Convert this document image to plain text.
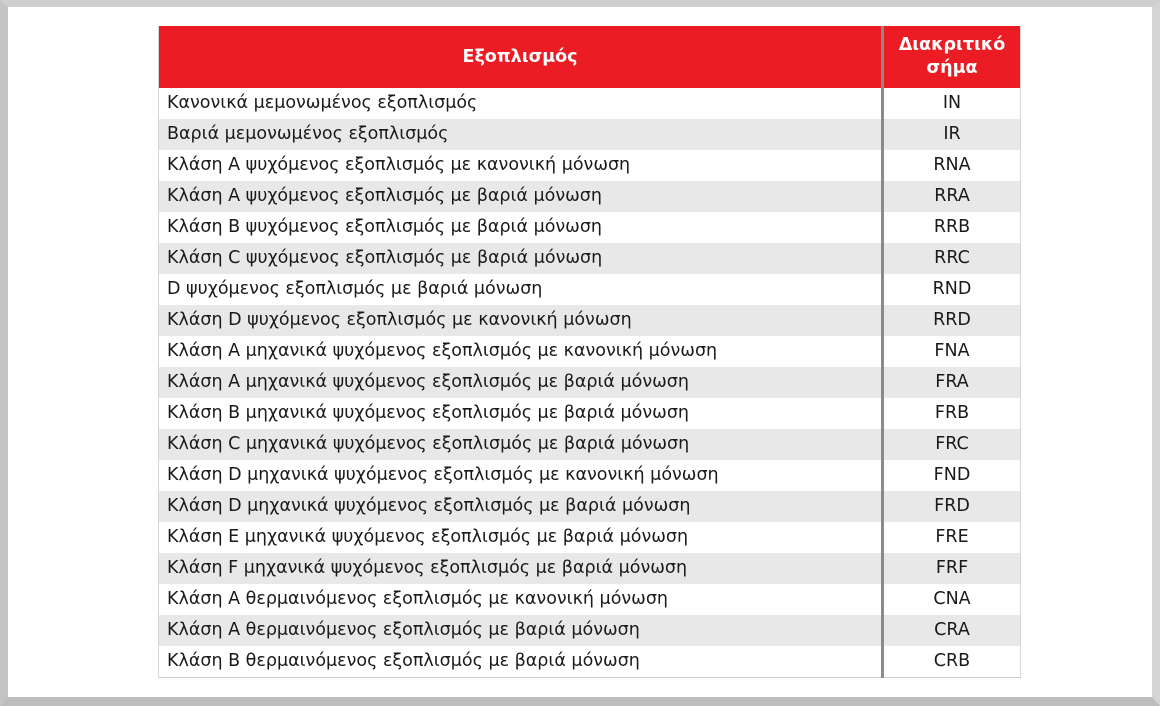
Εξοπλισμός	Διακριτικό
σήμα
Κανονικά μεμονωμένος εξοπλισμός	IN
Βαριά μεμονωμένος εξοπλισμός	IR
Κλάση A ψυχόμενος εξοπλισμός με κανονική μόνωση	RNA
Κλάση A ψυχόμενος εξοπλισμός με βαριά μόνωση	RRA
Κλάση B ψυχόμενος εξοπλισμός με βαριά μόνωση	RRB
Κλάση C ψυχόμενος εξοπλισμός με βαριά μόνωση	RRC
D ψυχόμενος εξοπλισμός με βαριά μόνωση	RND
Κλάση D ψυχόμενος εξοπλισμός με κανονική μόνωση	RRD
Κλάση A μηχανικά ψυχόμενος εξοπλισμός με κανονική μόνωση	FNA
Κλάση A μηχανικά ψυχόμενος εξοπλισμός με βαριά μόνωση	FRA
Κλάση B μηχανικά ψυχόμενος εξοπλισμός με βαριά μόνωση	FRB
Κλάση C μηχανικά ψυχόμενος εξοπλισμός με βαριά μόνωση	FRC
Κλάση D μηχανικά ψυχόμενος εξοπλισμός με κανονική μόνωση	FND
Κλάση D μηχανικά ψυχόμενος εξοπλισμός με βαριά μόνωση	FRD
Κλάση E μηχανικά ψυχόμενος εξοπλισμός με βαριά μόνωση	FRE
Κλάση F μηχανικά ψυχόμενος εξοπλισμός με βαριά μόνωση	FRF
Κλάση A θερμαινόμενος εξοπλισμός με κανονική μόνωση	CNA
Κλάση A θερμαινόμενος εξοπλισμός με βαριά μόνωση	CRA
Κλάση B θερμαινόμενος εξοπλισμός με βαριά μόνωση	CRB
